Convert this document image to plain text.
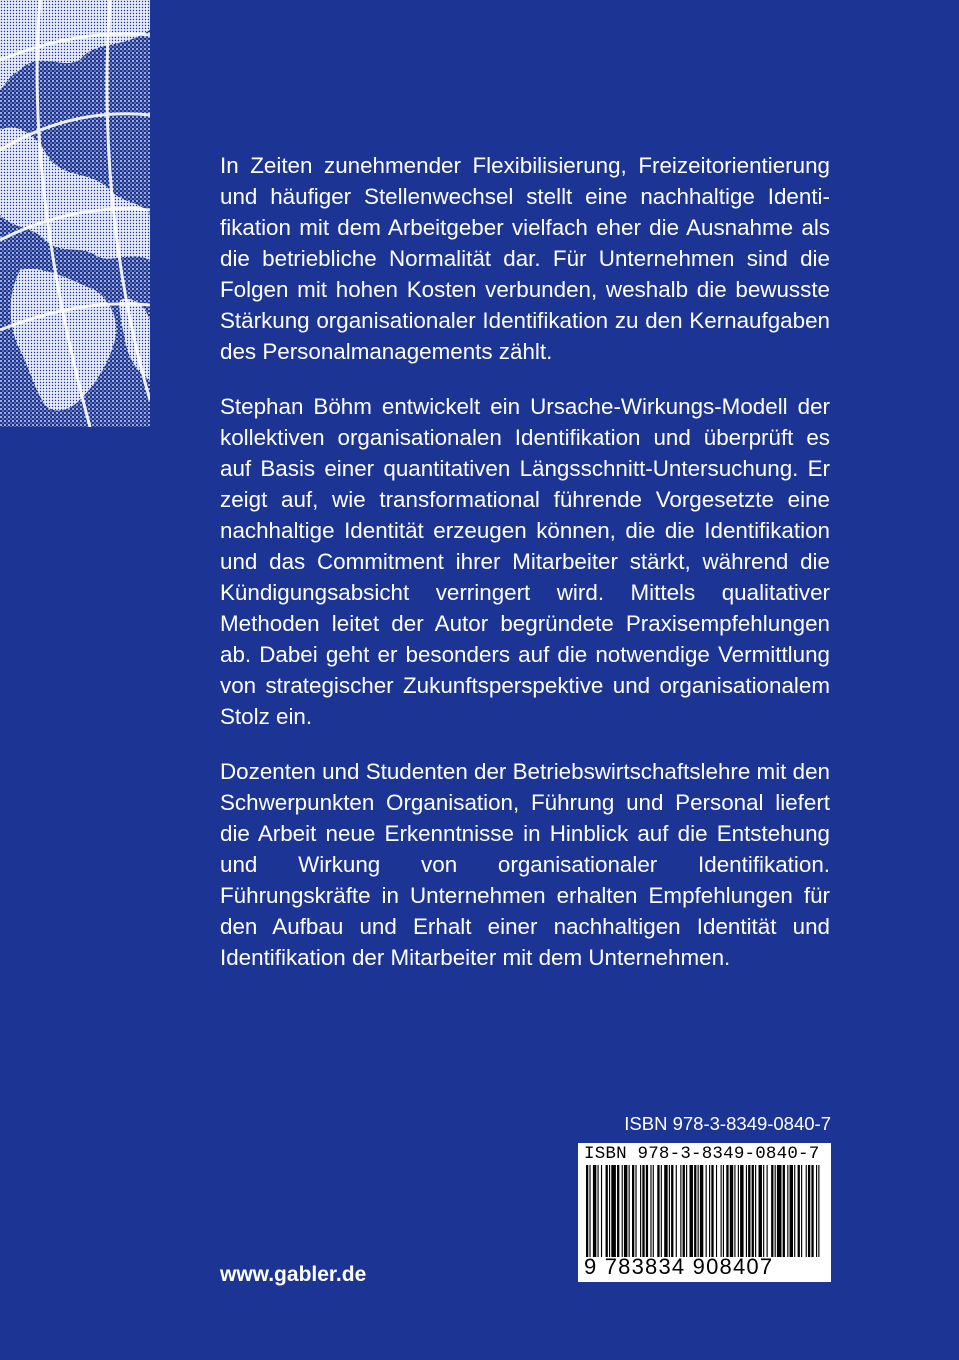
In Zeiten zunehmender Flexibilisierung, Freizeitorientierung und häufiger Stellenwechsel stellt eine nachhaltige Identifikation mit dem Arbeitgeber vielfach eher die Ausnahme als die betriebliche Normalität dar. Für Unternehmen sind die Folgen mit hohen Kosten verbunden, weshalb die bewusste Stärkung organisationaler Identifikation zu den Kernaufgaben des Personalmanagements zählt.

Stephan Böhm entwickelt ein Ursache-Wirkungs-Modell der kollektiven organisationalen Identifikation und überprüft es auf Basis einer quantitativen Längsschnitt-Untersuchung. Er zeigt auf, wie transformational führende Vorgesetzte eine nachhaltige Identität erzeugen können, die die Identifikation und das Commitment ihrer Mitarbeiter stärkt, während die Kündigungsabsicht verringert wird. Mittels qualitativer Methoden leitet der Autor begründete Praxisempfehlungen ab. Dabei geht er besonders auf die notwendige Vermittlung von strategischer Zukunftsperspektive und organisationalem Stolz ein.

Dozenten und Studenten der Betriebswirtschaftslehre mit den Schwerpunkten Organisation, Führung und Personal liefert die Arbeit neue Erkenntnisse in Hinblick auf die Entstehung und Wirkung von organisationaler Identifikation. Führungskräfte in Unternehmen erhalten Empfehlungen für den Aufbau und Erhalt einer nachhaltigen Identität und Identifikation der Mitarbeiter mit dem Unternehmen.

ISBN 978-3-8349-0840-7
ISBN 978-3-8349-0840-7
9 783834 908407
www.gabler.de
